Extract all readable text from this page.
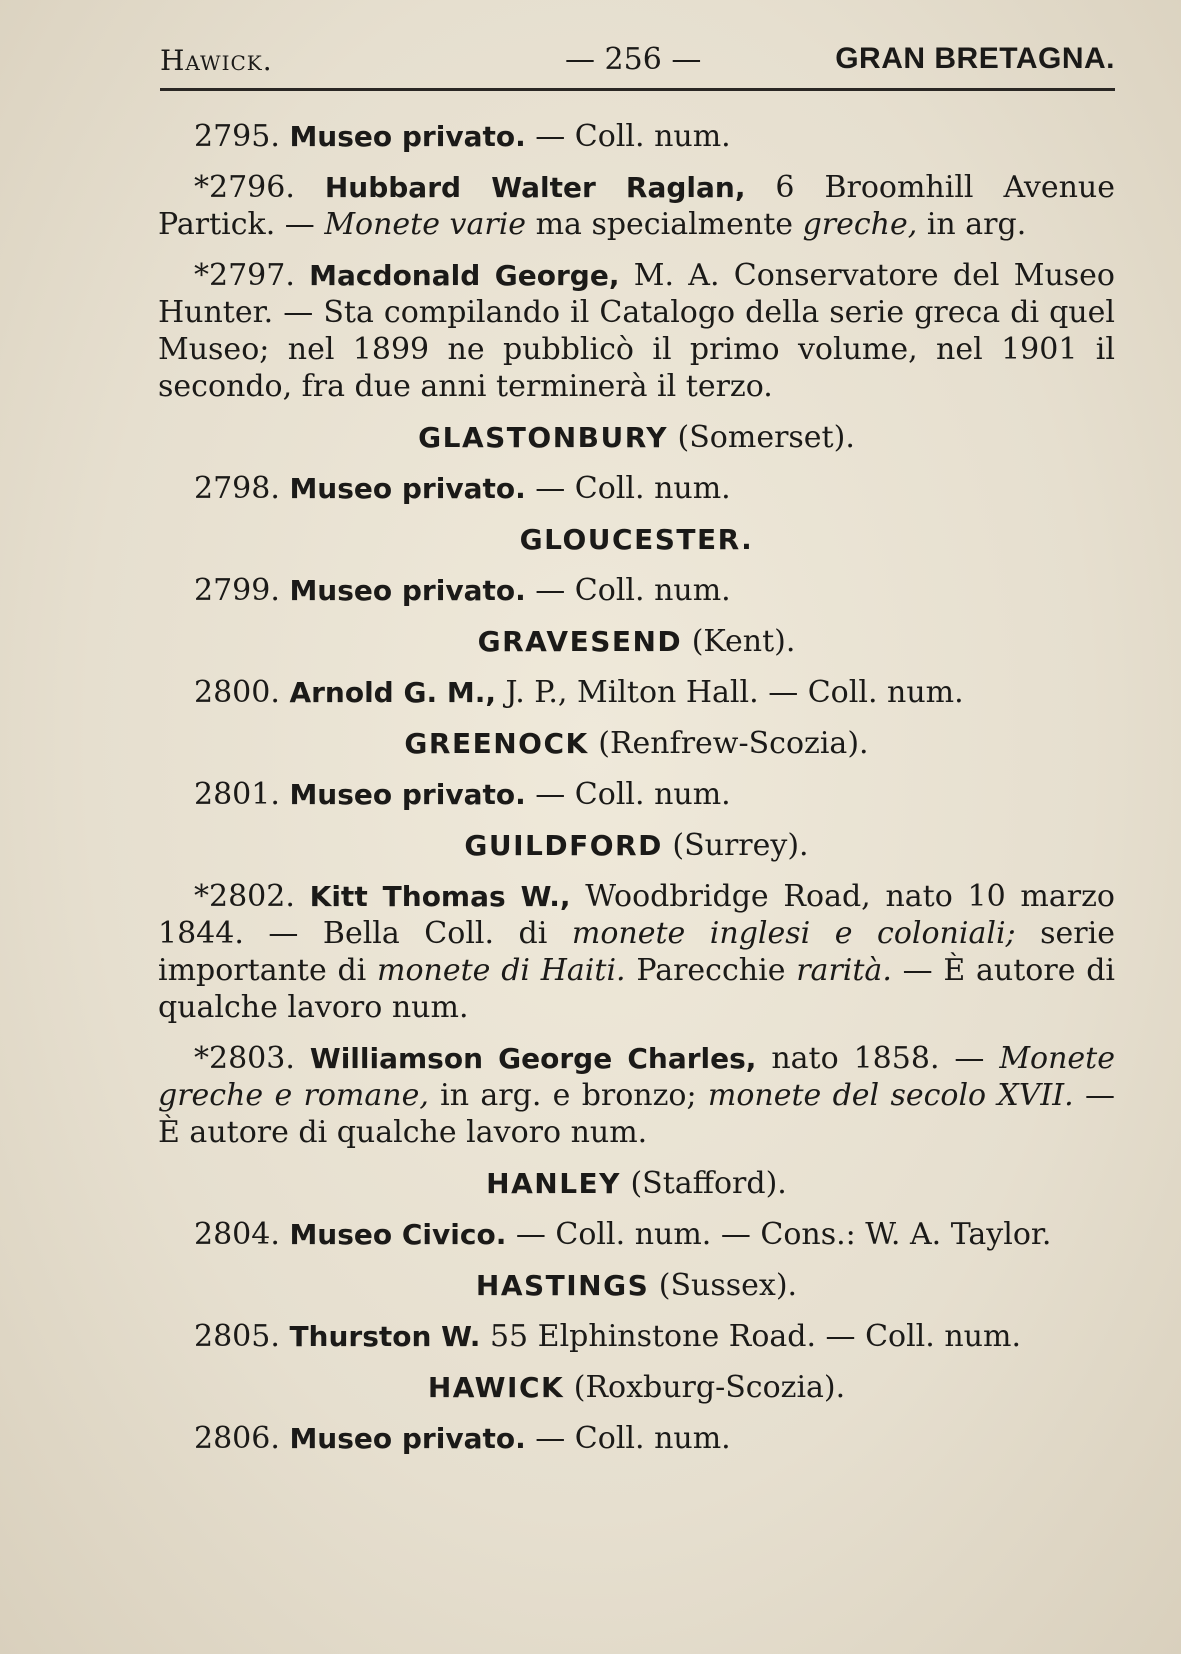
Hawick.	— 256 —	GRAN BRETAGNA.

2795. Museo privato. — Coll. num.

*2796. Hubbard Walter Raglan, 6 Broomhill Avenue Partick. — Monete varie ma specialmente greche, in arg.

*2797. Macdonald George, M. A. Conservatore del Museo Hunter. — Sta compilando il Catalogo della serie greca di quel Museo; nel 1899 ne pubblicò il primo volume, nel 1901 il secondo, fra due anni terminerà il terzo.

GLASTONBURY (Somerset).

2798. Museo privato. — Coll. num.

GLOUCESTER.

2799. Museo privato. — Coll. num.

GRAVESEND (Kent).

2800. Arnold G. M., J. P., Milton Hall. — Coll. num.

GREENOCK (Renfrew-Scozia).

2801. Museo privato. — Coll. num.

GUILDFORD (Surrey).

*2802. Kitt Thomas W., Woodbridge Road, nato 10 marzo 1844. — Bella Coll. di monete inglesi e coloniali; serie importante di monete di Haiti. Parecchie rarità. — È autore di qualche lavoro num.

*2803. Williamson George Charles, nato 1858. — Monete greche e romane, in arg. e bronzo; monete del secolo XVII. — È autore di qualche lavoro num.

HANLEY (Stafford).

2804. Museo Civico. — Coll. num. — Cons.: W. A. Taylor.

HASTINGS (Sussex).

2805. Thurston W. 55 Elphinstone Road. — Coll. num.

HAWICK (Roxburg-Scozia).

2806. Museo privato. — Coll. num.
